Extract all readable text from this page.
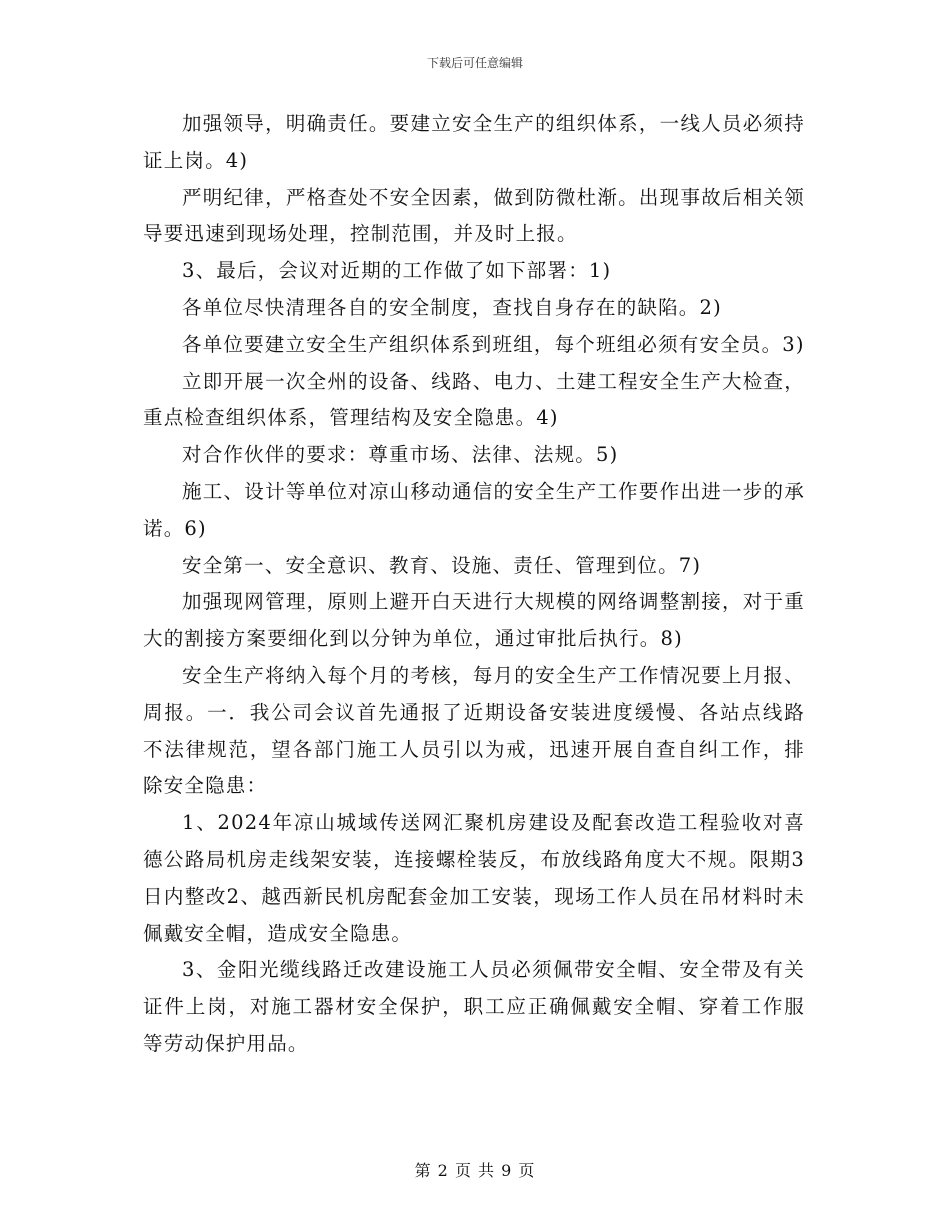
下载后可任意编辑

加强领导，明确责任。要建立安全生产的组织体系，一线人员必须持证上岗。4)

严明纪律，严格查处不安全因素，做到防微杜渐。出现事故后相关领导要迅速到现场处理，控制范围，并及时上报。

3、最后，会议对近期的工作做了如下部署：1)

各单位尽快清理各自的安全制度，查找自身存在的缺陷。2)

各单位要建立安全生产组织体系到班组，每个班组必须有安全员。3)

立即开展一次全州的设备、线路、电力、土建工程安全生产大检查，重点检查组织体系，管理结构及安全隐患。4)

对合作伙伴的要求：尊重市场、法律、法规。5)

施工、设计等单位对凉山移动通信的安全生产工作要作出进一步的承诺。6)

安全第一、安全意识、教育、设施、责任、管理到位。7)

加强现网管理，原则上避开白天进行大规模的网络调整割接，对于重大的割接方案要细化到以分钟为单位，通过审批后执行。8)

安全生产将纳入每个月的考核，每月的安全生产工作情况要上月报、周报。一．我公司会议首先通报了近期设备安装进度缓慢、各站点线路不法律规范，望各部门施工人员引以为戒，迅速开展自查自纠工作，排除安全隐患：

1、2024年凉山城域传送网汇聚机房建设及配套改造工程验收对喜德公路局机房走线架安装，连接螺栓装反，布放线路角度大不规。限期3日内整改2、越西新民机房配套金加工安装，现场工作人员在吊材料时未佩戴安全帽，造成安全隐患。

3、金阳光缆线路迁改建设施工人员必须佩带安全帽、安全带及有关证件上岗，对施工器材安全保护，职工应正确佩戴安全帽、穿着工作服等劳动保护用品。

第 2 页 共 9 页
